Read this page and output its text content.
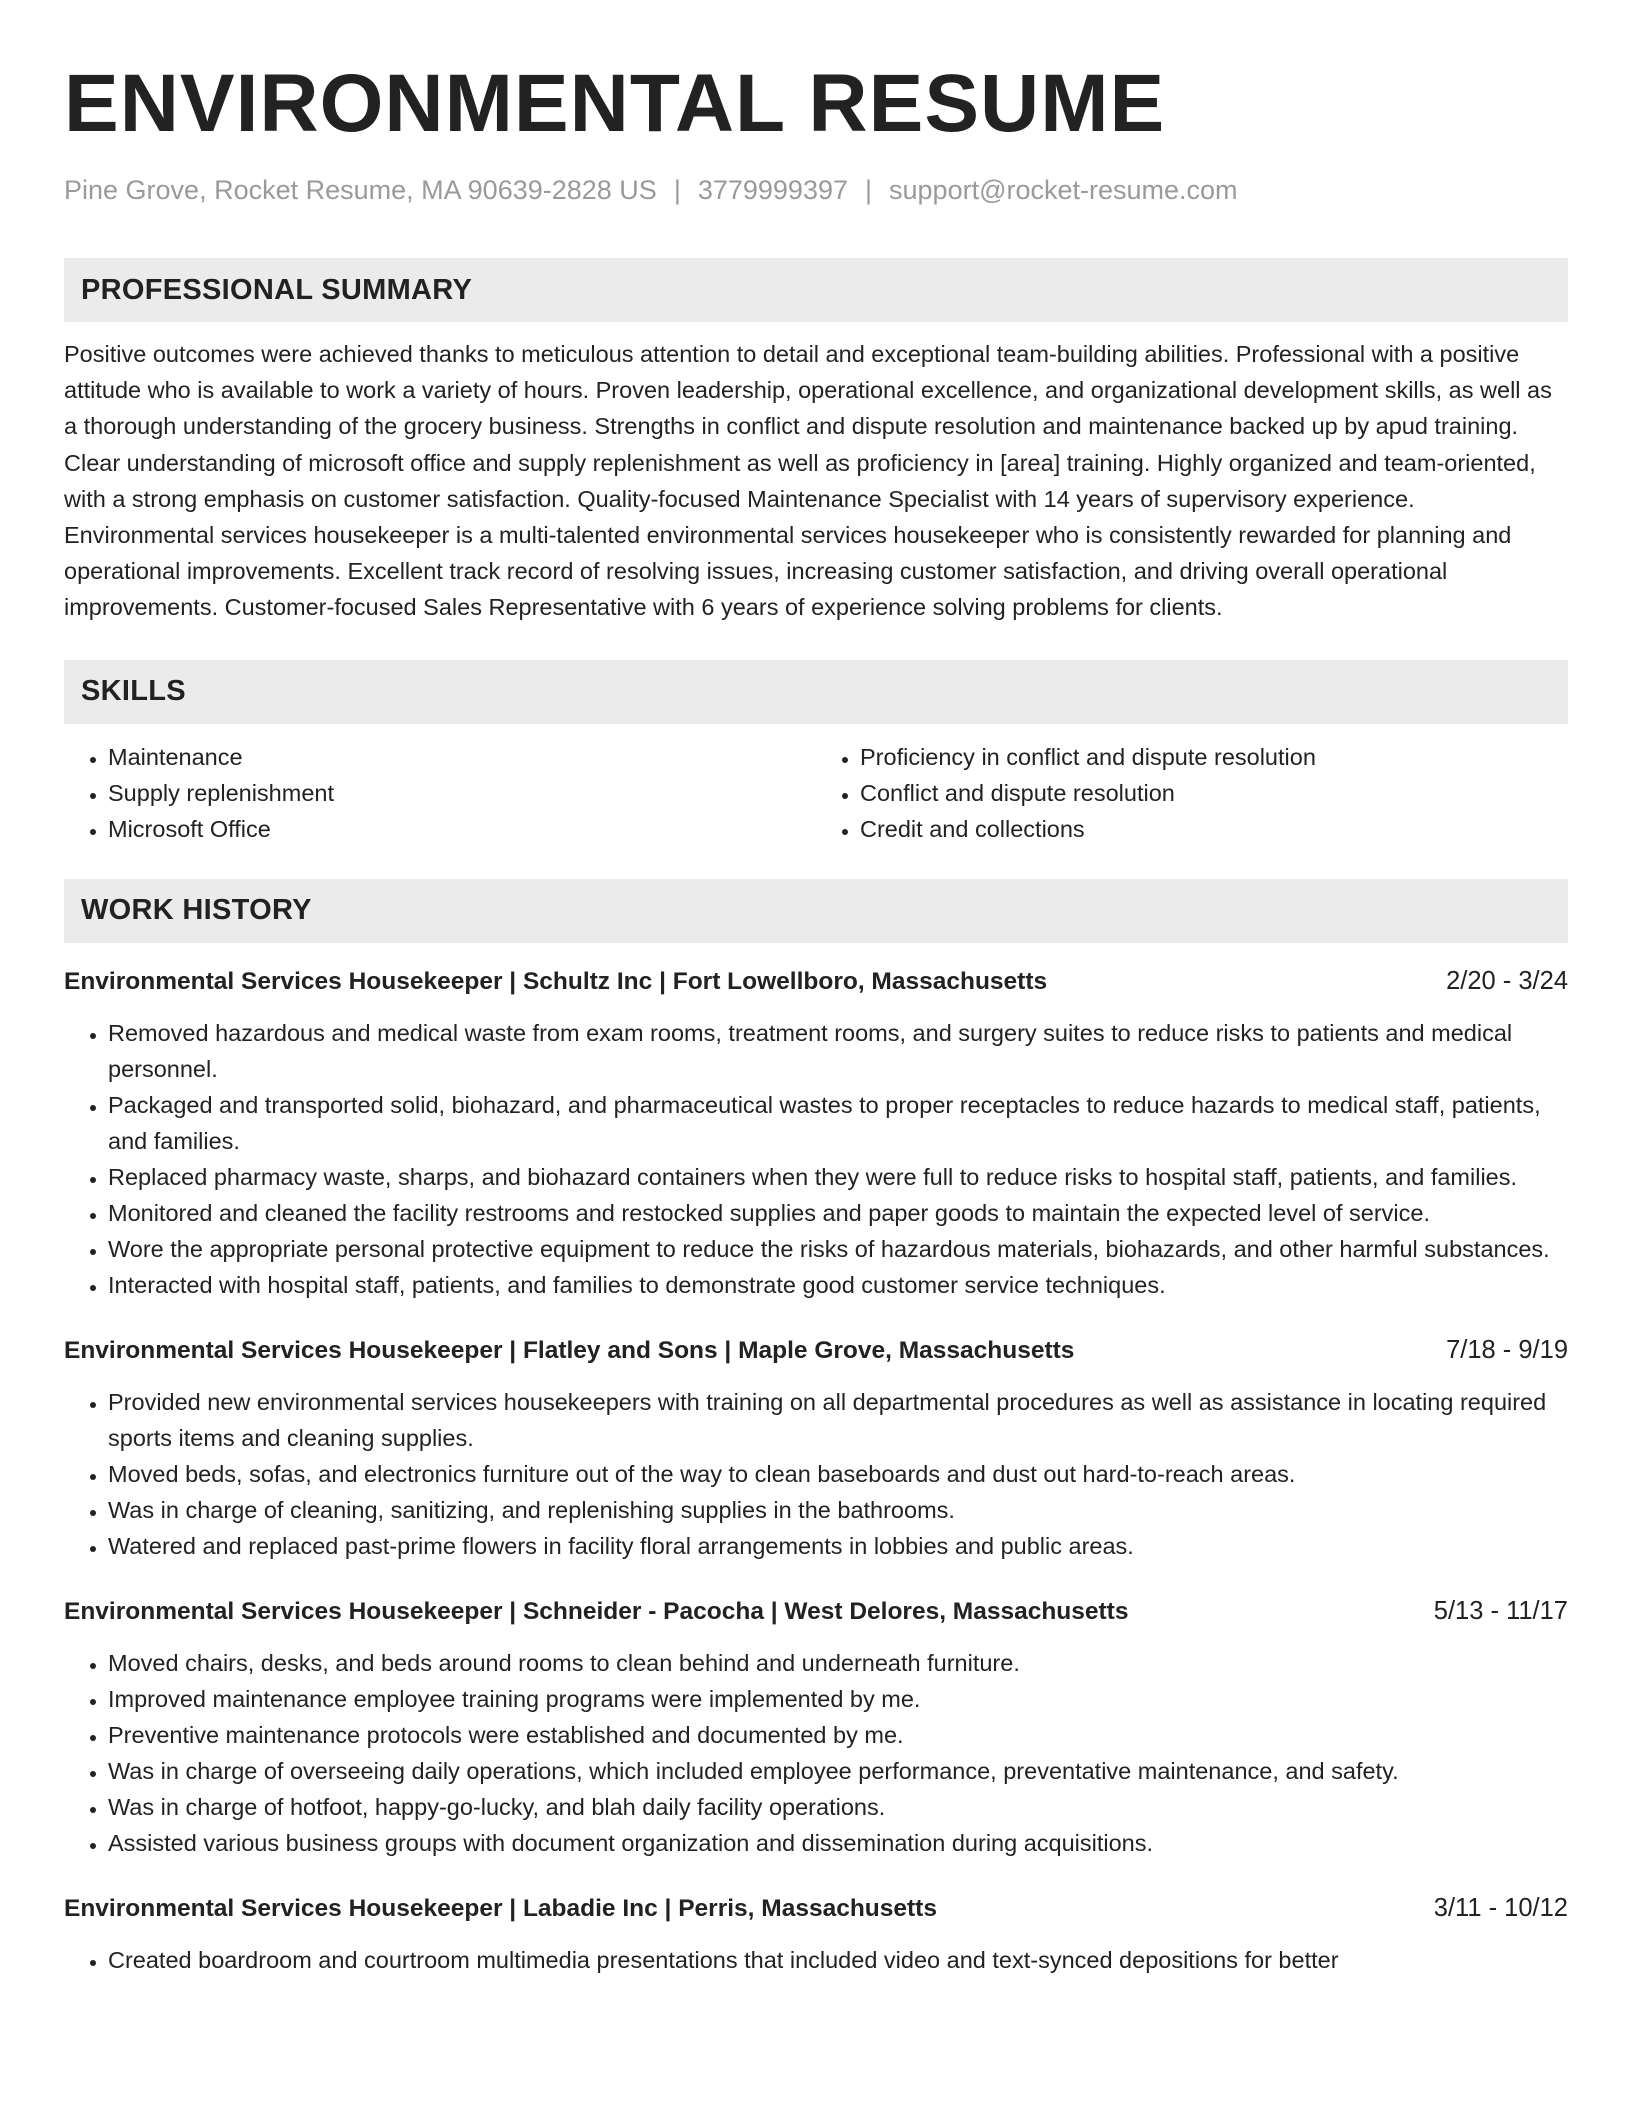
ENVIRONMENTAL RESUME
Pine Grove, Rocket Resume, MA 90639-2828 US | 3779999397 | support@rocket-resume.com
PROFESSIONAL SUMMARY

Positive outcomes were achieved thanks to meticulous attention to detail and exceptional team-building abilities. Professional with a positive attitude who is available to work a variety of hours. Proven leadership, operational excellence, and organizational development skills, as well as a thorough understanding of the grocery business. Strengths in conflict and dispute resolution and maintenance backed up by apud training. Clear understanding of microsoft office and supply replenishment as well as proficiency in [area] training. Highly organized and team-oriented, with a strong emphasis on customer satisfaction. Quality-focused Maintenance Specialist with 14 years of supervisory experience. Environmental services housekeeper is a multi-talented environmental services housekeeper who is consistently rewarded for planning and operational improvements. Excellent track record of resolving issues, increasing customer satisfaction, and driving overall operational improvements. Customer-focused Sales Representative with 6 years of experience solving problems for clients.

SKILLS
• Maintenance
• Supply replenishment
• Microsoft Office
• Proficiency in conflict and dispute resolution
• Conflict and dispute resolution
• Credit and collections
WORK HISTORY
Environmental Services Housekeeper | Schultz Inc | Fort Lowellboro, Massachusetts	2/20 - 3/24
• Removed hazardous and medical waste from exam rooms, treatment rooms, and surgery suites to reduce risks to patients and medical personnel.
• Packaged and transported solid, biohazard, and pharmaceutical wastes to proper receptacles to reduce hazards to medical staff, patients, and families.
• Replaced pharmacy waste, sharps, and biohazard containers when they were full to reduce risks to hospital staff, patients, and families.
• Monitored and cleaned the facility restrooms and restocked supplies and paper goods to maintain the expected level of service.
• Wore the appropriate personal protective equipment to reduce the risks of hazardous materials, biohazards, and other harmful substances.
• Interacted with hospital staff, patients, and families to demonstrate good customer service techniques.
Environmental Services Housekeeper | Flatley and Sons | Maple Grove, Massachusetts	7/18 - 9/19
• Provided new environmental services housekeepers with training on all departmental procedures as well as assistance in locating required sports items and cleaning supplies.
• Moved beds, sofas, and electronics furniture out of the way to clean baseboards and dust out hard-to-reach areas.
• Was in charge of cleaning, sanitizing, and replenishing supplies in the bathrooms.
• Watered and replaced past-prime flowers in facility floral arrangements in lobbies and public areas.
Environmental Services Housekeeper | Schneider - Pacocha | West Delores, Massachusetts	5/13 - 11/17
• Moved chairs, desks, and beds around rooms to clean behind and underneath furniture.
• Improved maintenance employee training programs were implemented by me.
• Preventive maintenance protocols were established and documented by me.
• Was in charge of overseeing daily operations, which included employee performance, preventative maintenance, and safety.
• Was in charge of hotfoot, happy-go-lucky, and blah daily facility operations.
• Assisted various business groups with document organization and dissemination during acquisitions.
Environmental Services Housekeeper | Labadie Inc | Perris, Massachusetts	3/11 - 10/12
• Created boardroom and courtroom multimedia presentations that included video and text-synced depositions for better
